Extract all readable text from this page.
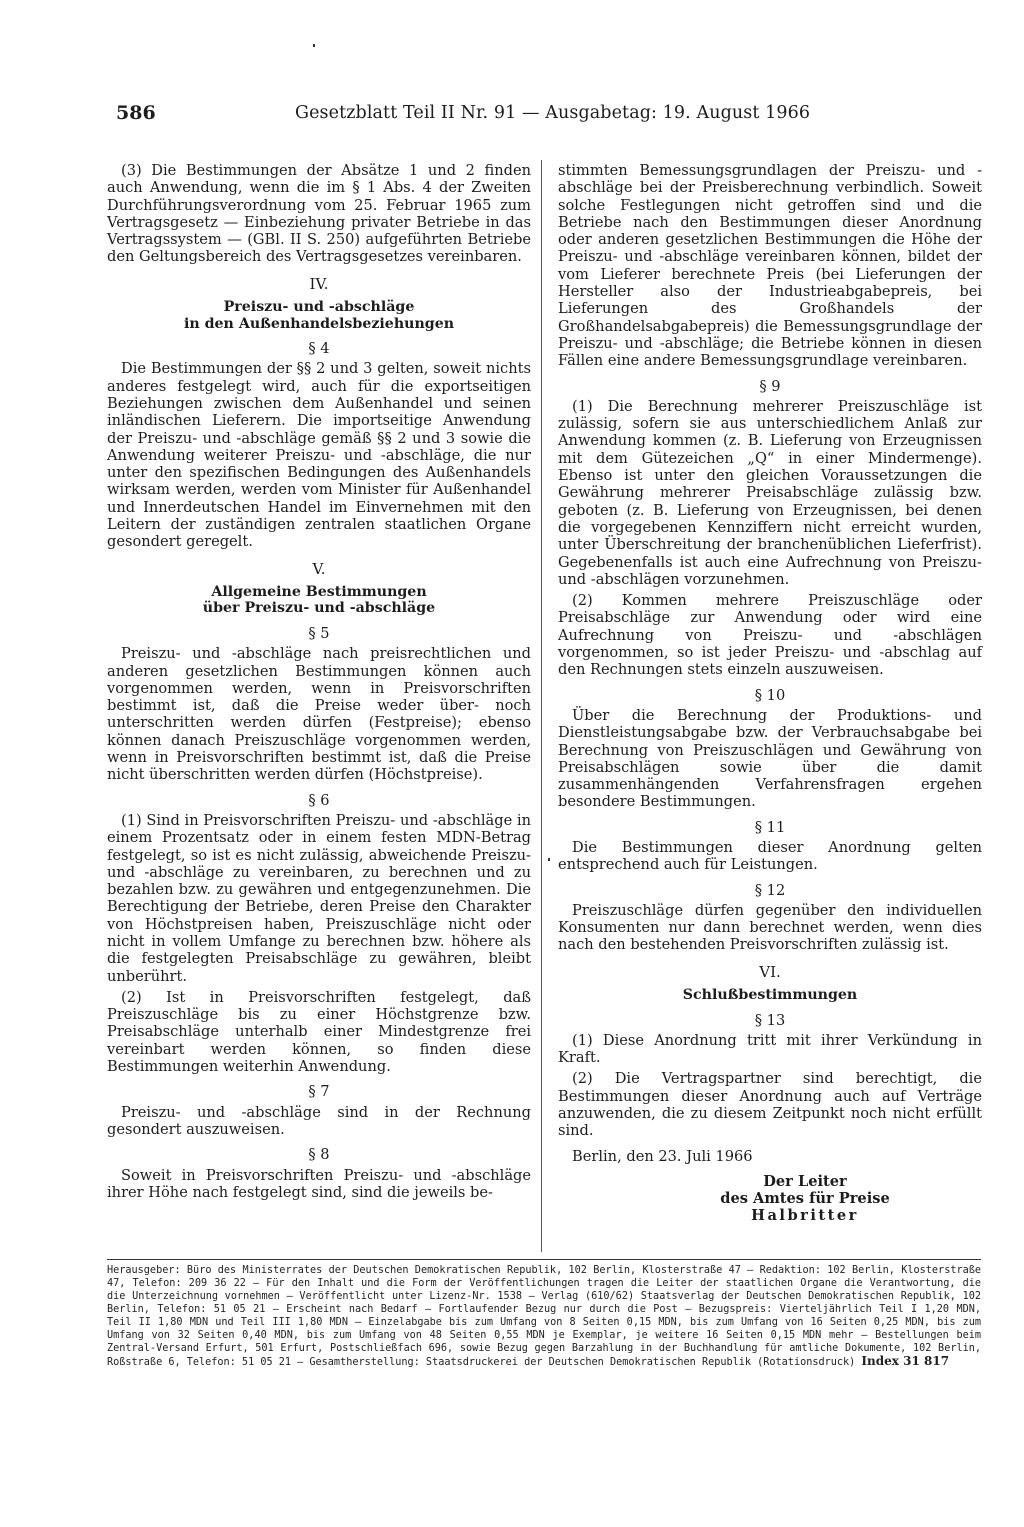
586	Gesetzblatt Teil II Nr. 91 — Ausgabetag: 19. August 1966

(3) Die Bestimmungen der Absätze 1 und 2 finden auch Anwendung, wenn die im § 1 Abs. 4 der Zweiten Durchführungsverordnung vom 25. Februar 1965 zum Vertragsgesetz — Einbeziehung privater Betriebe in das Vertragssystem — (GBl. II S. 250) aufgeführten Betriebe den Geltungsbereich des Vertragsgesetzes vereinbaren.

IV.
Preiszu- und -abschläge
in den Außenhandelsbeziehungen
§ 4

Die Bestimmungen der §§ 2 und 3 gelten, soweit nichts anderes festgelegt wird, auch für die exportseitigen Beziehungen zwischen dem Außenhandel und seinen inländischen Lieferern. Die importseitige Anwendung der Preiszu- und -abschläge gemäß §§ 2 und 3 sowie die Anwendung weiterer Preiszu- und -abschläge, die nur unter den spezifischen Bedingungen des Außenhandels wirksam werden, werden vom Minister für Außenhandel und Innerdeutschen Handel im Einvernehmen mit den Leitern der zuständigen zentralen staatlichen Organe gesondert geregelt.

V.
Allgemeine Bestimmungen
über Preiszu- und -abschläge
§ 5

Preiszu- und -abschläge nach preisrechtlichen und anderen gesetzlichen Bestimmungen können auch vorgenommen werden, wenn in Preisvorschriften bestimmt ist, daß die Preise weder über- noch unterschritten werden dürfen (Festpreise); ebenso können danach Preiszuschläge vorgenommen werden, wenn in Preisvorschriften bestimmt ist, daß die Preise nicht überschritten werden dürfen (Höchstpreise).

§ 6

(1) Sind in Preisvorschriften Preiszu- und -abschläge in einem Prozentsatz oder in einem festen MDN-Betrag festgelegt, so ist es nicht zulässig, abweichende Preiszu- und -abschläge zu vereinbaren, zu berechnen und zu bezahlen bzw. zu gewähren und entgegenzunehmen. Die Berechtigung der Betriebe, deren Preise den Charakter von Höchstpreisen haben, Preiszuschläge nicht oder nicht in vollem Umfange zu berechnen bzw. höhere als die festgelegten Preisabschläge zu gewähren, bleibt unberührt.

(2) Ist in Preisvorschriften festgelegt, daß Preiszuschläge bis zu einer Höchstgrenze bzw. Preisabschläge unterhalb einer Mindestgrenze frei vereinbart werden können, so finden diese Bestimmungen weiterhin Anwendung.

§ 7

Preiszu- und -abschläge sind in der Rechnung gesondert auszuweisen.

§ 8

Soweit in Preisvorschriften Preiszu- und -abschläge ihrer Höhe nach festgelegt sind, sind die jeweils be-

stimmten Bemessungsgrundlagen der Preiszu- und -abschläge bei der Preisberechnung verbindlich. Soweit solche Festlegungen nicht getroffen sind und die Betriebe nach den Bestimmungen dieser Anordnung oder anderen gesetzlichen Bestimmungen die Höhe der Preiszu- und -abschläge vereinbaren können, bildet der vom Lieferer berechnete Preis (bei Lieferungen der Hersteller also der Industrieabgabepreis, bei Lieferungen des Großhandels der Großhandelsabgabepreis) die Bemessungsgrundlage der Preiszu- und -abschläge; die Betriebe können in diesen Fällen eine andere Bemessungsgrundlage vereinbaren.

§ 9

(1) Die Berechnung mehrerer Preiszuschläge ist zulässig, sofern sie aus unterschiedlichem Anlaß zur Anwendung kommen (z. B. Lieferung von Erzeugnissen mit dem Gütezeichen „Q“ in einer Mindermenge). Ebenso ist unter den gleichen Voraussetzungen die Gewährung mehrerer Preisabschläge zulässig bzw. geboten (z. B. Lieferung von Erzeugnissen, bei denen die vorgegebenen Kennziffern nicht erreicht wurden, unter Überschreitung der branchenüblichen Lieferfrist). Gegebenenfalls ist auch eine Aufrechnung von Preiszu- und -abschlägen vorzunehmen.

(2) Kommen mehrere Preiszuschläge oder Preisabschläge zur Anwendung oder wird eine Aufrechnung von Preiszu- und -abschlägen vorgenommen, so ist jeder Preiszu- und -abschlag auf den Rechnungen stets einzeln auszuweisen.

§ 10

Über die Berechnung der Produktions- und Dienstleistungsabgabe bzw. der Verbrauchsabgabe bei Berechnung von Preiszuschlägen und Gewährung von Preisabschlägen sowie über die damit zusammenhängenden Verfahrensfragen ergehen besondere Bestimmungen.

§ 11

Die Bestimmungen dieser Anordnung gelten entsprechend auch für Leistungen.

§ 12

Preiszuschläge dürfen gegenüber den individuellen Konsumenten nur dann berechnet werden, wenn dies nach den bestehenden Preisvorschriften zulässig ist.

VI.
Schlußbestimmungen
§ 13

(1) Diese Anordnung tritt mit ihrer Verkündung in Kraft.

(2) Die Vertragspartner sind berechtigt, die Bestimmungen dieser Anordnung auch auf Verträge anzuwenden, die zu diesem Zeitpunkt noch nicht erfüllt sind.

Berlin, den 23. Juli 1966

Der Leiter
des Amtes für Preise
Halbritter
Herausgeber: Büro des Ministerrates der Deutschen Demokratischen Republik, 102 Berlin, Klosterstraße 47 — Redaktion: 102 Berlin, Klosterstraße 47, Telefon: 209 36 22 — Für den Inhalt und die Form der Veröffentlichungen tragen die Leiter der staatlichen Organe die Verantwortung, die die Unterzeichnung vornehmen — Veröffentlicht unter Lizenz-Nr. 1538 — Verlag (610/62) Staatsverlag der Deutschen Demokratischen Republik, 102 Berlin, Telefon: 51 05 21 — Erscheint nach Bedarf — Fortlaufender Bezug nur durch die Post — Bezugspreis: Vierteljährlich Teil I 1,20 MDN, Teil II 1,80 MDN und Teil III 1,80 MDN — Einzelabgabe bis zum Umfang von 8 Seiten 0,15 MDN, bis zum Umfang von 16 Seiten 0,25 MDN, bis zum Umfang von 32 Seiten 0,40 MDN, bis zum Umfang von 48 Seiten 0,55 MDN je Exemplar, je weitere 16 Seiten 0,15 MDN mehr — Bestellungen beim Zentral-Versand Erfurt, 501 Erfurt, Postschließfach 696, sowie Bezug gegen Barzahlung in der Buchhandlung für amtliche Dokumente, 102 Berlin, Roßstraße 6, Telefon: 51 05 21 — Gesamtherstellung: Staatsdruckerei der Deutschen Demokratischen Republik (Rotationsdruck) Index 31 817
